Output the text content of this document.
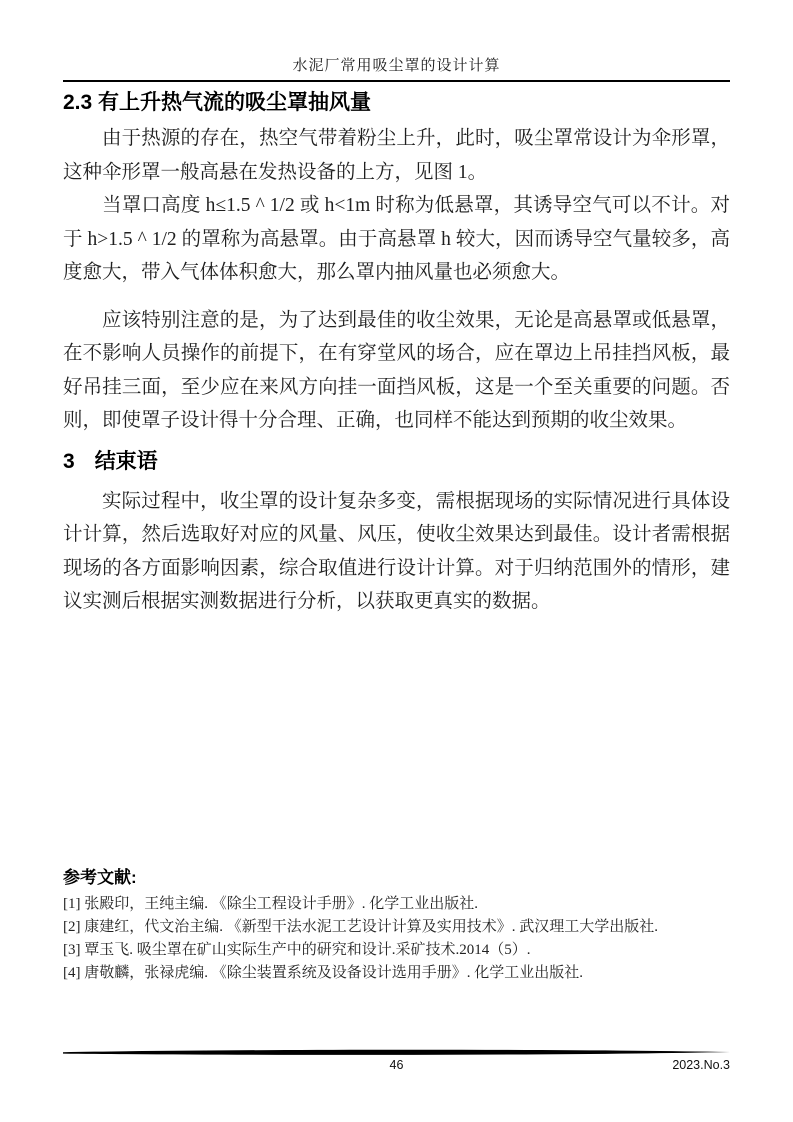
水泥厂常用吸尘罩的设计计算
2.3 有上升热气流的吸尘罩抽风量

由于热源的存在，热空气带着粉尘上升，此时，吸尘罩常设计为伞形罩，这种伞形罩一般高悬在发热设备的上方，见图 1。

当罩口高度 h≤1.5 ^ 1/2 或 h<1m 时称为低悬罩，其诱导空气可以不计。对于 h>1.5 ^ 1/2 的罩称为高悬罩。由于高悬罩 h 较大，因而诱导空气量较多，高度愈大，带入气体体积愈大，那么罩内抽风量也必须愈大。

应该特别注意的是，为了达到最佳的收尘效果，无论是高悬罩或低悬罩，在不影响人员操作的前提下，在有穿堂风的场合，应在罩边上吊挂挡风板，最好吊挂三面，至少应在来风方向挂一面挡风板，这是一个至关重要的问题。否则，即使罩子设计得十分合理、正确，也同样不能达到预期的收尘效果。

3 结束语

实际过程中，收尘罩的设计复杂多变，需根据现场的实际情况进行具体设计计算，然后选取好对应的风量、风压，使收尘效果达到最佳。设计者需根据现场的各方面影响因素，综合取值进行设计计算。对于归纳范围外的情形，建议实测后根据实测数据进行分析，以获取更真实的数据。

参考文献:
[1] 张殿印，王纯主编. 《除尘工程设计手册》. 化学工业出版社.
[2] 康建红，代文治主编. 《新型干法水泥工艺设计计算及实用技术》. 武汉理工大学出版社.
[3] 覃玉飞. 吸尘罩在矿山实际生产中的研究和设计.采矿技术.2014（5）.
[4] 唐敬麟，张禄虎编. 《除尘装置系统及设备设计选用手册》. 化学工业出版社.
46	2023.No.3
